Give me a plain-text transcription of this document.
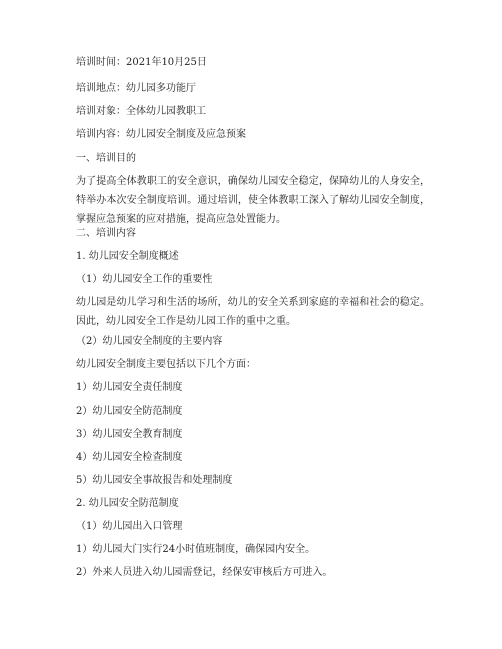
培训时间：2021年10月25日
培训地点：幼儿园多功能厅
培训对象：全体幼儿园教职工
培训内容：幼儿园安全制度及应急预案
一、培训目的
为了提高全体教职工的安全意识，确保幼儿园安全稳定，保障幼儿的人身安全，特举办本次安全制度培训。通过培训，使全体教职工深入了解幼儿园安全制度，掌握应急预案的应对措施，提高应急处置能力。
二、培训内容
1. 幼儿园安全制度概述
（1）幼儿园安全工作的重要性
幼儿园是幼儿学习和生活的场所，幼儿的安全关系到家庭的幸福和社会的稳定。因此，幼儿园安全工作是幼儿园工作的重中之重。
（2）幼儿园安全制度的主要内容
幼儿园安全制度主要包括以下几个方面：
1）幼儿园安全责任制度
2）幼儿园安全防范制度
3）幼儿园安全教育制度
4）幼儿园安全检查制度
5）幼儿园安全事故报告和处理制度
2. 幼儿园安全防范制度
（1）幼儿园出入口管理
1）幼儿园大门实行24小时值班制度，确保园内安全。
2）外来人员进入幼儿园需登记，经保安审核后方可进入。
